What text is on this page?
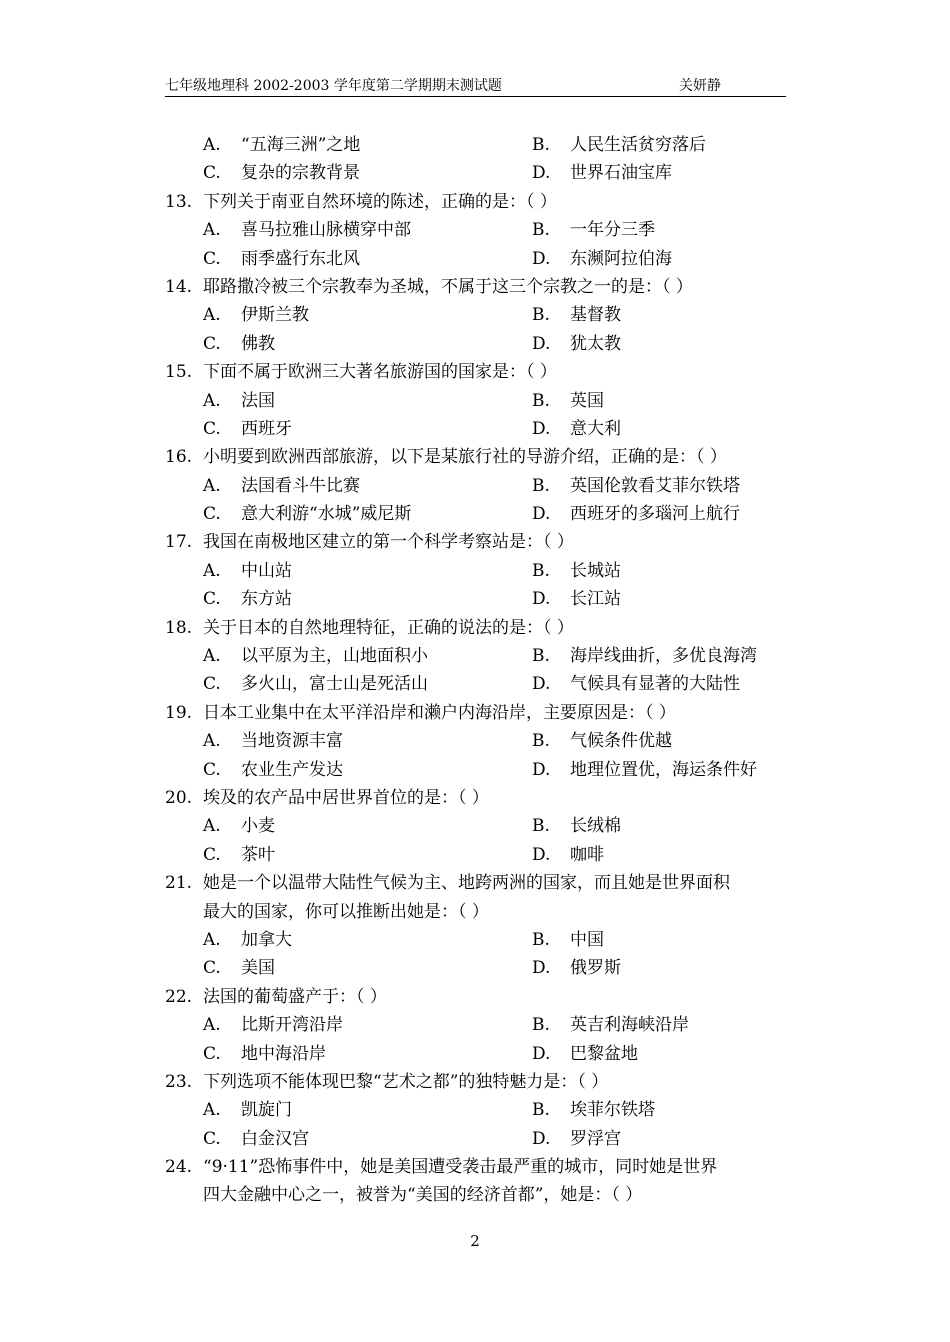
七年级地理科 2002-2003 学年度第二学期期末测试题	关妍静
A. “五海三洲”之地	B. 人民生活贫穷落后
C. 复杂的宗教背景	D. 世界石油宝库
13. 下列关于南亚自然环境的陈述，正确的是：（ ）
A. 喜马拉雅山脉横穿中部	B. 一年分三季
C. 雨季盛行东北风	D. 东濒阿拉伯海
14. 耶路撒冷被三个宗教奉为圣城，不属于这三个宗教之一的是：（ ）
A. 伊斯兰教	B. 基督教
C. 佛教	D. 犹太教
15. 下面不属于欧洲三大著名旅游国的国家是：（ ）
A. 法国	B. 英国
C. 西班牙	D. 意大利
16. 小明要到欧洲西部旅游，以下是某旅行社的导游介绍，正确的是：（ ）
A. 法国看斗牛比赛	B. 英国伦敦看艾菲尔铁塔
C. 意大利游“水城”威尼斯	D. 西班牙的多瑙河上航行
17. 我国在南极地区建立的第一个科学考察站是：（ ）
A. 中山站	B. 长城站
C. 东方站	D. 长江站
18. 关于日本的自然地理特征，正确的说法的是：（ ）
A. 以平原为主，山地面积小	B. 海岸线曲折，多优良海湾
C. 多火山，富士山是死活山	D. 气候具有显著的大陆性
19. 日本工业集中在太平洋沿岸和濑户内海沿岸，主要原因是：（ ）
A. 当地资源丰富	B. 气候条件优越
C. 农业生产发达	D. 地理位置优，海运条件好
20. 埃及的农产品中居世界首位的是：（ ）
A. 小麦	B. 长绒棉
C. 茶叶	D. 咖啡
21. 她是一个以温带大陆性气候为主、地跨两洲的国家，而且她是世界面积
最大的国家，你可以推断出她是：（ ）
A. 加拿大	B. 中国
C. 美国	D. 俄罗斯
22. 法国的葡萄盛产于：（ ）
A. 比斯开湾沿岸	B. 英吉利海峡沿岸
C. 地中海沿岸	D. 巴黎盆地
23. 下列选项不能体现巴黎“艺术之都”的独特魅力是：（ ）
A. 凯旋门	B. 埃菲尔铁塔
C. 白金汉宫	D. 罗浮宫
24. “9·11”恐怖事件中，她是美国遭受袭击最严重的城市，同时她是世界
四大金融中心之一，被誉为“美国的经济首都”，她是：（ ）
2
